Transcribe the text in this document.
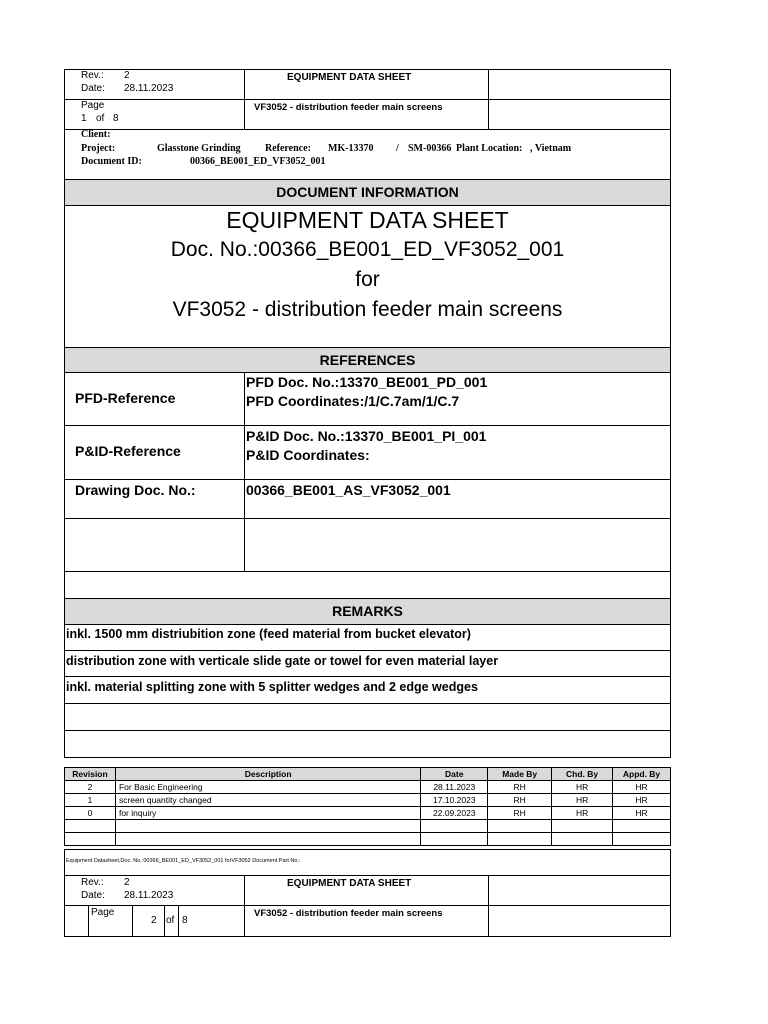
Rev.: 2
Date: 28.11.2023
EQUIPMENT DATA SHEET
Page
1 of 8
VF3052 - distribution feeder main screens
Client:
Project:	Glasstone Grinding Reference: MK-13370 / SM-00366 Plant Location: , Vietnam
Document ID:	00366_BE001_ED_VF3052_001
DOCUMENT INFORMATION
EQUIPMENT DATA SHEET
Doc. No.:00366_BE001_ED_VF3052_001
for
VF3052 - distribution feeder main screens
REFERENCES
PFD-Reference
PFD Doc. No.:13370_BE001_PD_001
PFD Coordinates:/1/C.7am/1/C.7
P&ID-Reference
P&ID Doc. No.:13370_BE001_PI_001
P&ID Coordinates:
Drawing Doc. No.:	00366_BE001_AS_VF3052_001
REMARKS
inkl. 1500 mm distriubition zone (feed material from bucket elevator)
distribution zone with verticale slide gate or towel for even material layer
inkl. material splitting zone with 5 splitter wedges and 2 edge wedges
Revision	Description	Date	Made By	Chd. By	Appd. By
2	For Basic Engineering	28.11.2023	RH	HR	HR
1	screen quantity changed	17.10.2023	RH	HR	HR
0	for inquiry	22.09.2023	RH	HR	HR

Equipment Datasheet,Doc. No.:00366_BE001_ED_VF3052_001 forVF3052 Document Part No.:
Rev.: 2
Date: 28.11.2023
EQUIPMENT DATA SHEET
Page
2 of 8
VF3052 - distribution feeder main screens
